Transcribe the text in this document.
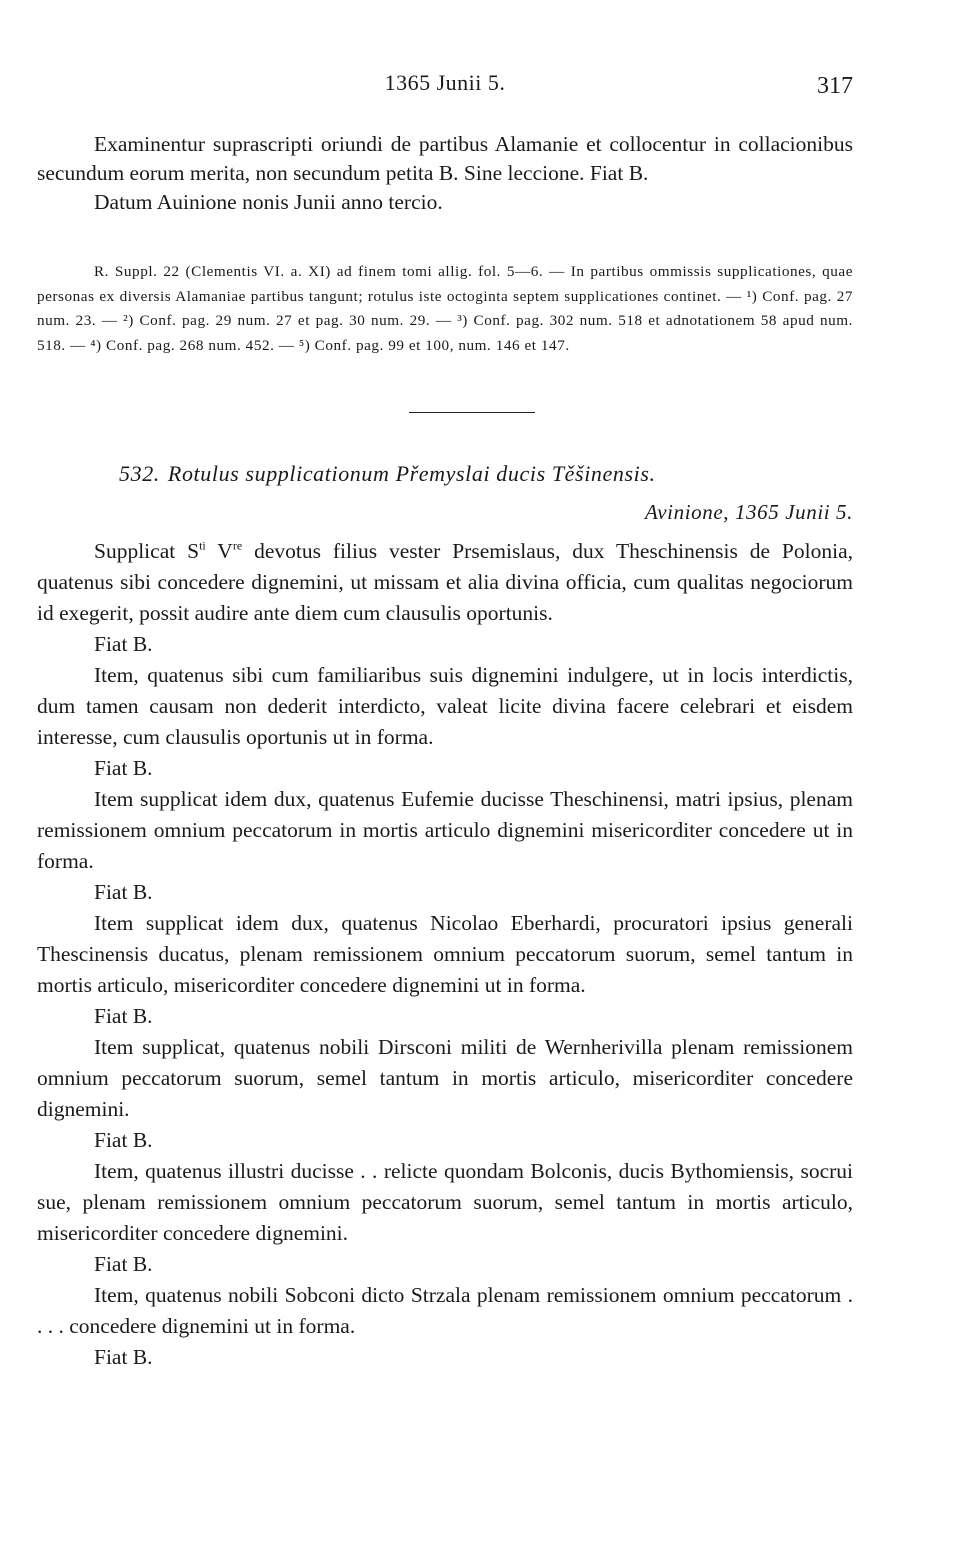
1365 Junii 5.	317

Examinentur suprascripti oriundi de partibus Alamanie et collocentur in collacionibus secundum eorum merita, non secundum petita B. Sine leccione. Fiat B.

Datum Auinione nonis Junii anno tercio.

R. Suppl. 22 (Clementis VI. a. XI) ad finem tomi allig. fol. 5—6. — In partibus ommissis supplicationes, quae personas ex diversis Alamaniae partibus tangunt; rotulus iste octoginta septem supplicationes continet. — ¹) Conf. pag. 27 num. 23. — ²) Conf. pag. 29 num. 27 et pag. 30 num. 29. — ³) Conf. pag. 302 num. 518 et adnotationem 58 apud num. 518. — ⁴) Conf. pag. 268 num. 452. — ⁵) Conf. pag. 99 et 100, num. 146 et 147.

532. Rotulus supplicationum Přemyslai ducis Těšinensis.
Avinione, 1365 Junii 5.

Supplicat $S^{ti}$ Vre devotus filius vester Prsemislaus, dux Theschinensis de Polonia, quatenus sibi concedere dignemini, ut missam et alia divina officia, cum qualitas negociorum id exegerit, possit audire ante diem cum clausulis oportunis.

Fiat B.

Item, quatenus sibi cum familiaribus suis dignemini indulgere, ut in locis interdictis, dum tamen causam non dederit interdicto, valeat licite divina facere celebrari et eisdem interesse, cum clausulis oportunis ut in forma.

Fiat B.

Item supplicat idem dux, quatenus Eufemie ducisse Theschinensi, matri ipsius, plenam remissionem omnium peccatorum in mortis articulo dignemini misericorditer concedere ut in forma.

Fiat B.

Item supplicat idem dux, quatenus Nicolao Eberhardi, procuratori ipsius generali Thescinensis ducatus, plenam remissionem omnium peccatorum suorum, semel tantum in mortis articulo, misericorditer concedere dignemini ut in forma.

Fiat B.

Item supplicat, quatenus nobili Dirsconi militi de Wernherivilla plenam remissionem omnium peccatorum suorum, semel tantum in mortis articulo, misericorditer concedere dignemini.

Fiat B.

Item, quatenus illustri ducisse . . relicte quondam Bolconis, ducis Bythomiensis, socrui sue, plenam remissionem omnium peccatorum suorum, semel tantum in mortis articulo, misericorditer concedere dignemini.

Fiat B.

Item, quatenus nobili Sobconi dicto Strzala plenam remissionem omnium peccatorum . . . . concedere dignemini ut in forma.

Fiat B.
